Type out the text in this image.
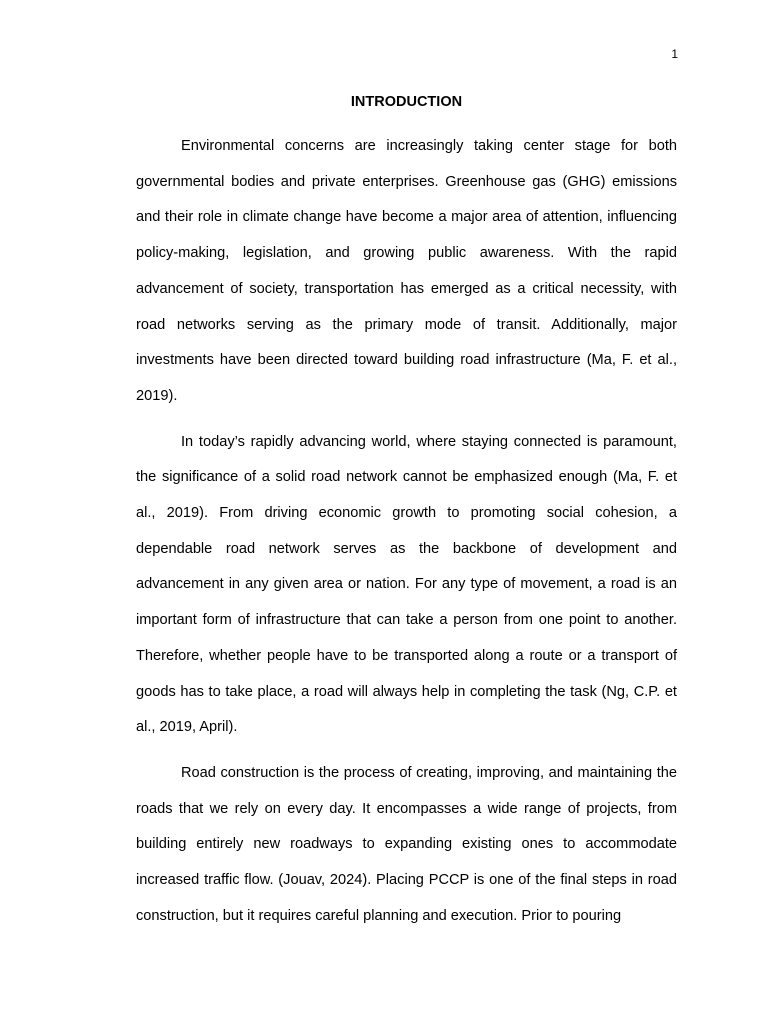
1
INTRODUCTION

Environmental concerns are increasingly taking center stage for both governmental bodies and private enterprises. Greenhouse gas (GHG) emissions and their role in climate change have become a major area of attention, influencing policy-making, legislation, and growing public awareness. With the rapid advancement of society, transportation has emerged as a critical necessity, with road networks serving as the primary mode of transit. Additionally, major investments have been directed toward building road infrastructure (Ma, F. et al., 2019).

In today’s rapidly advancing world, where staying connected is paramount, the significance of a solid road network cannot be emphasized enough (Ma, F. et al., 2019). From driving economic growth to promoting social cohesion, a dependable road network serves as the backbone of development and advancement in any given area or nation. For any type of movement, a road is an important form of infrastructure that can take a person from one point to another. Therefore, whether people have to be transported along a route or a transport of goods has to take place, a road will always help in completing the task (Ng, C.P. et al., 2019, April).

Road construction is the process of creating, improving, and maintaining the roads that we rely on every day. It encompasses a wide range of projects, from building entirely new roadways to expanding existing ones to accommodate increased traffic flow. (Jouav, 2024). Placing PCCP is one of the final steps in road construction, but it requires careful planning and execution. Prior to pouring
